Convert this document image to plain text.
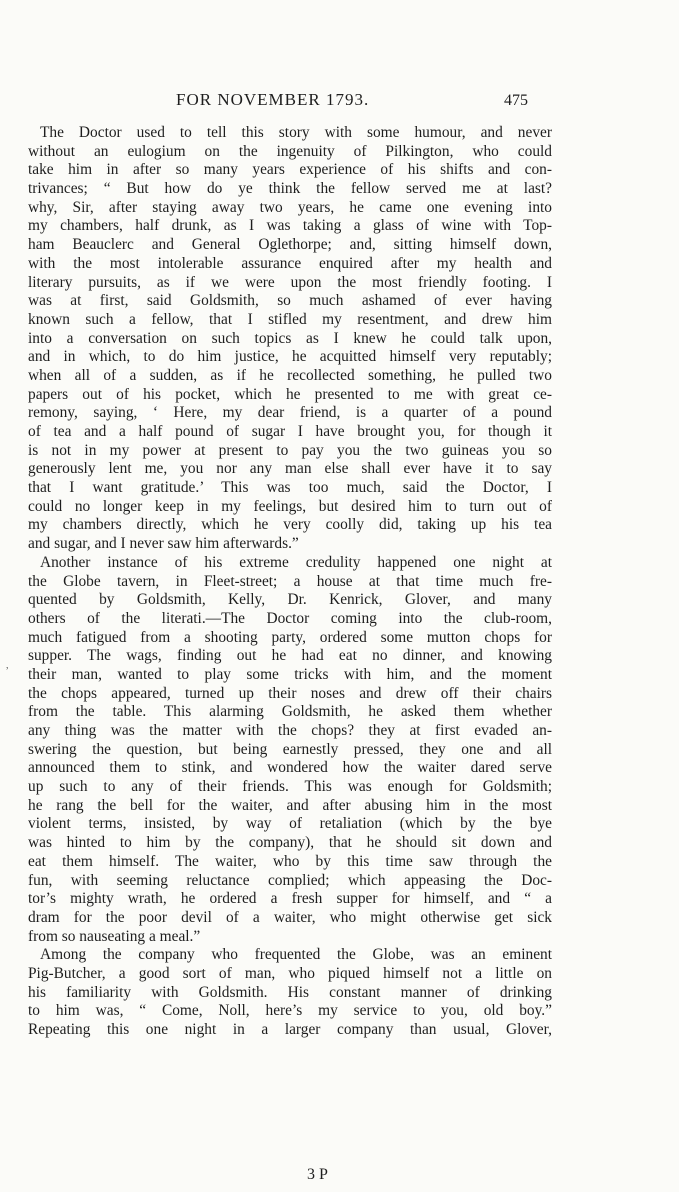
FOR NOVEMBER 1793.	475
The Doctor used to tell this story with some humour, and never
without an eulogium on the ingenuity of Pilkington, who could
take him in after so many years experience of his shifts and con-
trivances; “ But how do ye think the fellow served me at last?
why, Sir, after staying away two years, he came one evening into
my chambers, half drunk, as I was taking a glass of wine with Top-
ham Beauclerc and General Oglethorpe; and, sitting himself down,
with the most intolerable assurance enquired after my health and
literary pursuits, as if we were upon the most friendly footing. I
was at first, said Goldsmith, so much ashamed of ever having
known such a fellow, that I stifled my resentment, and drew him
into a conversation on such topics as I knew he could talk upon,
and in which, to do him justice, he acquitted himself very reputably;
when all of a sudden, as if he recollected something, he pulled two
papers out of his pocket, which he presented to me with great ce-
remony, saying, ‘ Here, my dear friend, is a quarter of a pound
of tea and a half pound of sugar I have brought you, for though it
is not in my power at present to pay you the two guineas you so
generously lent me, you nor any man else shall ever have it to say
that I want gratitude.’ This was too much, said the Doctor, I
could no longer keep in my feelings, but desired him to turn out of
my chambers directly, which he very coolly did, taking up his tea
and sugar, and I never saw him afterwards.”
Another instance of his extreme credulity happened one night at
the Globe tavern, in Fleet-street; a house at that time much fre-
quented by Goldsmith, Kelly, Dr. Kenrick, Glover, and many
others of the literati.—The Doctor coming into the club-room,
much fatigued from a shooting party, ordered some mutton chops for
supper. The wags, finding out he had eat no dinner, and knowing
their man, wanted to play some tricks with him, and the moment
the chops appeared, turned up their noses and drew off their chairs
from the table. This alarming Goldsmith, he asked them whether
any thing was the matter with the chops? they at first evaded an-
swering the question, but being earnestly pressed, they one and all
announced them to stink, and wondered how the waiter dared serve
up such to any of their friends. This was enough for Goldsmith;
he rang the bell for the waiter, and after abusing him in the most
violent terms, insisted, by way of retaliation (which by the bye
was hinted to him by the company), that he should sit down and
eat them himself. The waiter, who by this time saw through the
fun, with seeming reluctance complied; which appeasing the Doc-
tor’s mighty wrath, he ordered a fresh supper for himself, and “ a
dram for the poor devil of a waiter, who might otherwise get sick
from so nauseating a meal.”
Among the company who frequented the Globe, was an eminent
Pig-Butcher, a good sort of man, who piqued himself not a little on
his familiarity with Goldsmith. His constant manner of drinking
to him was, “ Come, Noll, here’s my service to you, old boy.”
Repeating this one night in a larger company than usual, Glover,
,
3 P
